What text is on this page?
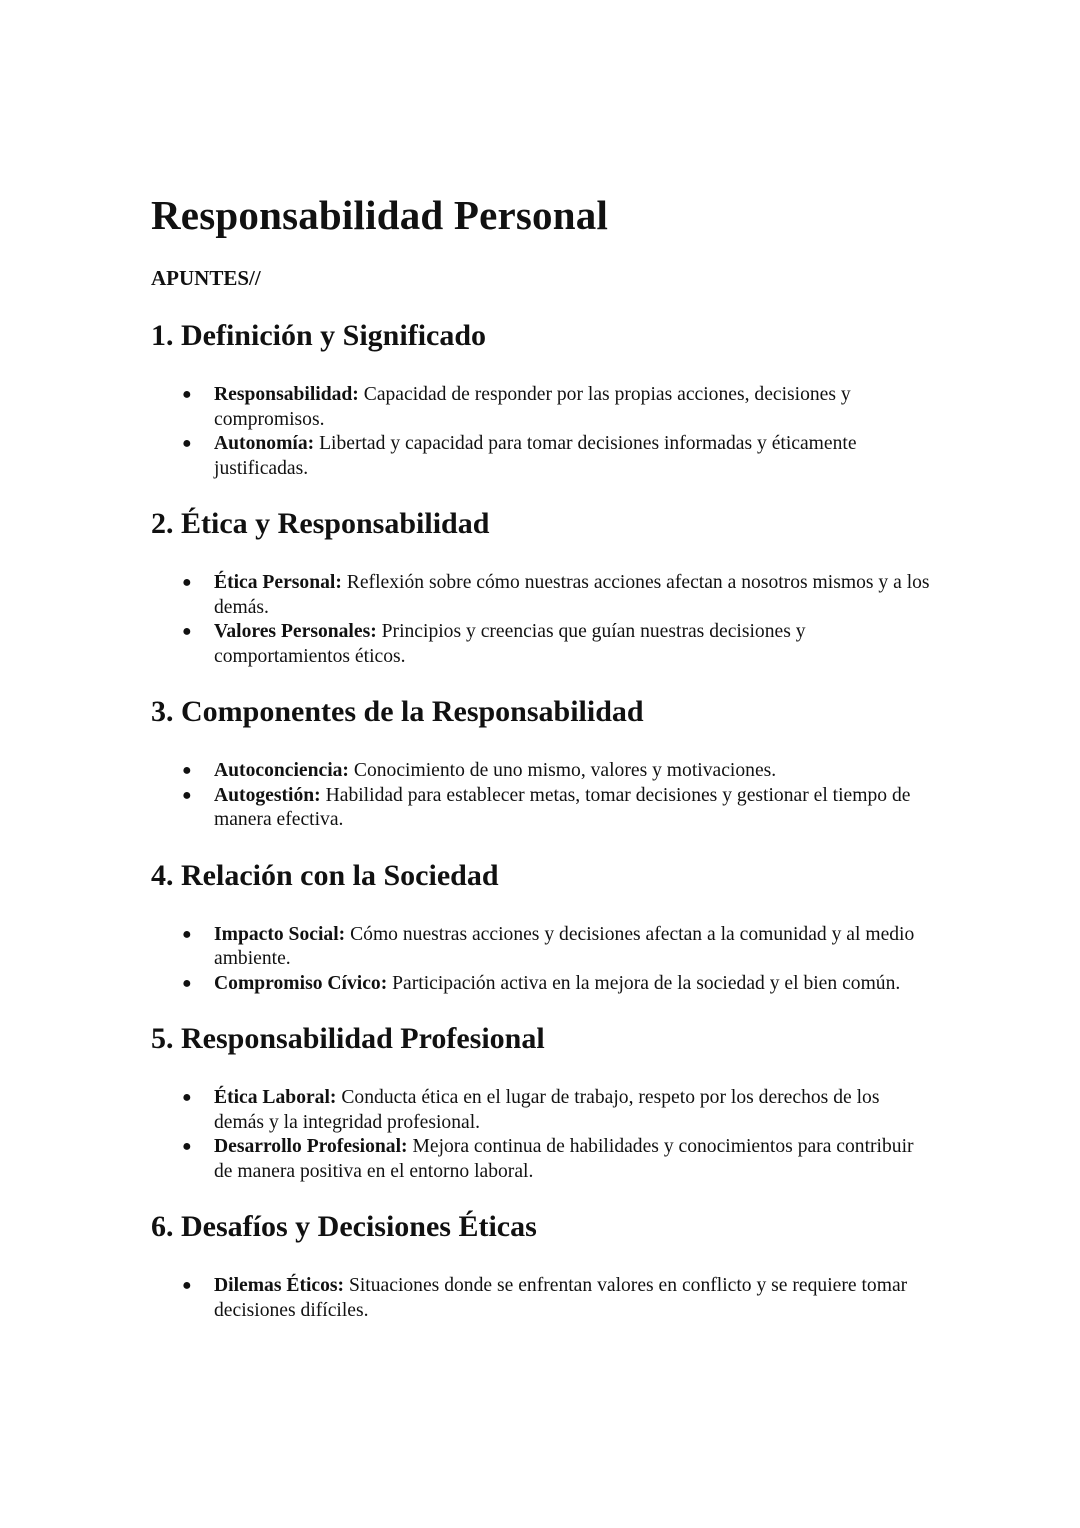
Responsabilidad Personal
APUNTES//
1. Definición y Significado
● Responsabilidad: Capacidad de responder por las propias acciones, decisiones y compromisos.
● Autonomía: Libertad y capacidad para tomar decisiones informadas y éticamente justificadas.
2. Ética y Responsabilidad
● Ética Personal: Reflexión sobre cómo nuestras acciones afectan a nosotros mismos y a los demás.
● Valores Personales: Principios y creencias que guían nuestras decisiones y comportamientos éticos.
3. Componentes de la Responsabilidad
● Autoconciencia: Conocimiento de uno mismo, valores y motivaciones.
● Autogestión: Habilidad para establecer metas, tomar decisiones y gestionar el tiempo de manera efectiva.
4. Relación con la Sociedad
● Impacto Social: Cómo nuestras acciones y decisiones afectan a la comunidad y al medio ambiente.
● Compromiso Cívico: Participación activa en la mejora de la sociedad y el bien común.
5. Responsabilidad Profesional
● Ética Laboral: Conducta ética en el lugar de trabajo, respeto por los derechos de los demás y la integridad profesional.
● Desarrollo Profesional: Mejora continua de habilidades y conocimientos para contribuir de manera positiva en el entorno laboral.
6. Desafíos y Decisiones Éticas
● Dilemas Éticos: Situaciones donde se enfrentan valores en conflicto y se requiere tomar decisiones difíciles.
